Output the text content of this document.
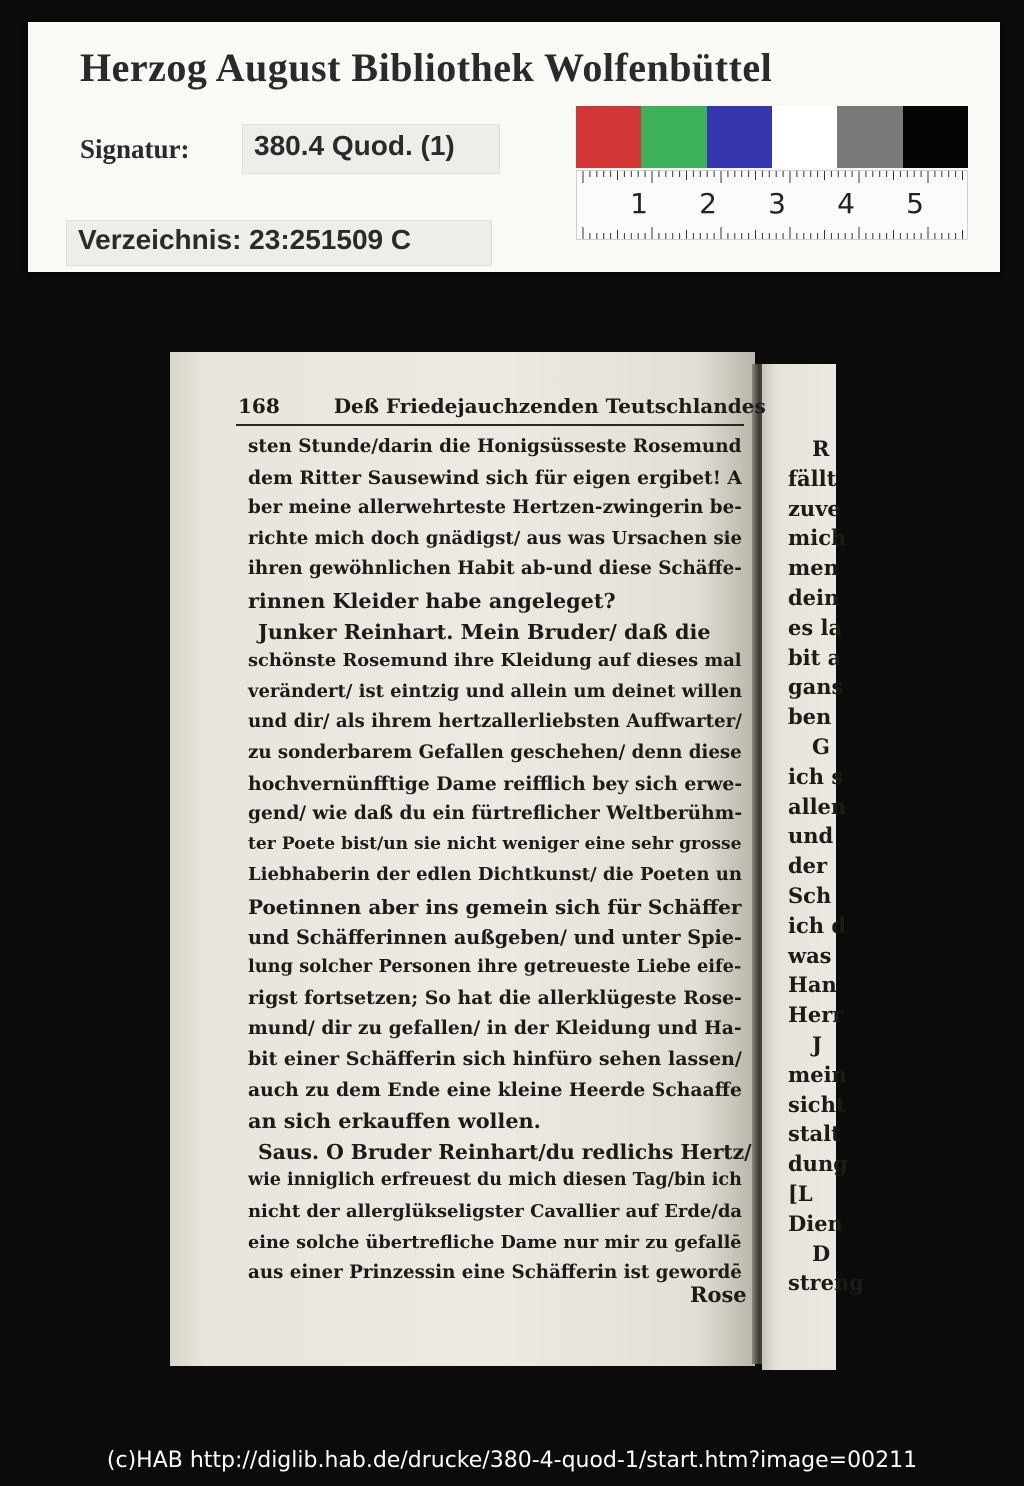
Herzog August Bibliothek Wolfenbüttel
Signatur: 380.4 Quod. (1)
Verzeichnis: 23:251509 C
1 2 3 4 5
168	Deß Friedejauchzenden Teutschlandes
sten Stunde/darin die Honigsüsseste Rosemund
dem Ritter Sausewind sich für eigen ergibet! A
ber meine allerwehrteste Hertzen-zwingerin be-
richte mich doch gnädigst/ aus was Ursachen sie
ihren gewöhnlichen Habit ab-und diese Schäffe-
rinnen Kleider habe angeleget?
Junker Reinhart. Mein Bruder/ daß die
schönste Rosemund ihre Kleidung auf dieses mal
verändert/ ist eintzig und allein um deinet willen
und dir/ als ihrem hertzallerliebsten Auffwarter/
zu sonderbarem Gefallen geschehen/ denn diese
hochvernünfftige Dame reifflich bey sich erwe-
gend/ wie daß du ein fürtreflicher Weltberühm-
ter Poete bist/un sie nicht weniger eine sehr grosse
Liebhaberin der edlen Dichtkunst/ die Poeten un
Poetinnen aber ins gemein sich für Schäffer
und Schäfferinnen außgeben/ und unter Spie-
lung solcher Personen ihre getreueste Liebe eife-
rigst fortsetzen; So hat die allerklügeste Rose-
mund/ dir zu gefallen/ in der Kleidung und Ha-
bit einer Schäfferin sich hinfüro sehen lassen/
auch zu dem Ende eine kleine Heerde Schaaffe
an sich erkauffen wollen.
Saus. O Bruder Reinhart/du redlichs Hertz/
wie inniglich erfreuest du mich diesen Tag/bin ich
nicht der allerglükseligster Cavallier auf Erde/da
eine solche übertrefliche Dame nur mir zu gefallē
aus einer Prinzessin eine Schäfferin ist gewordē
Rose
R
fällt
zuve
mich
men
dein
es la
bit a
gans
ben
G
ich s
allen
und
der
Sch
ich d
was
Han
Herr
J
mein
sicht
stalt
dung
[L
Dien
D
streng
(c)HAB http://diglib.hab.de/drucke/380-4-quod-1/start.htm?image=00211
